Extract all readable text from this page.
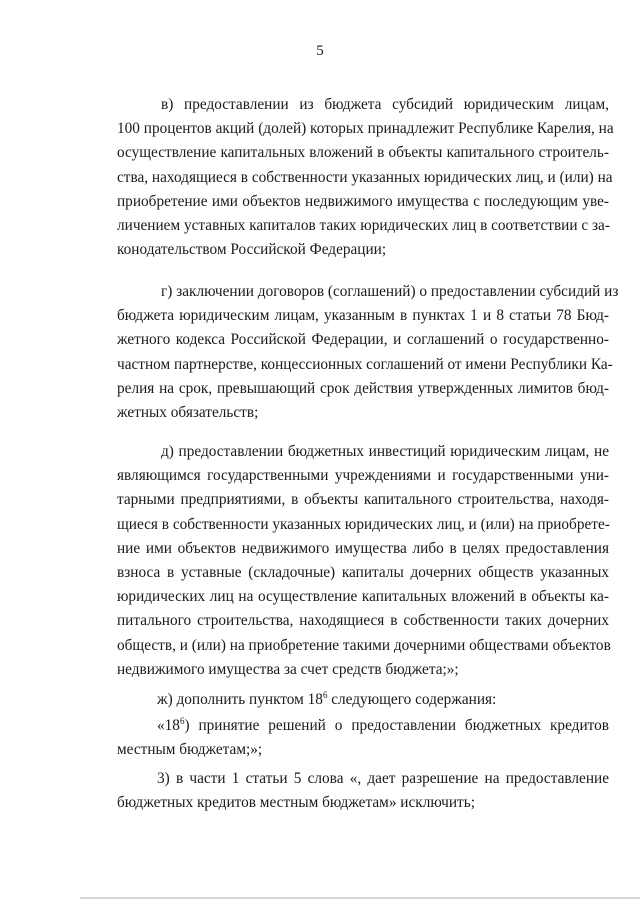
5
в) предоставлении из бюджета субсидий юридическим лицам,
100 процентов акций (долей) которых принадлежит Республике Карелия, на
осуществление капитальных вложений в объекты капитального строитель-
ства, находящиеся в собственности указанных юридических лиц, и (или) на
приобретение ими объектов недвижимого имущества с последующим уве-
личением уставных капиталов таких юридических лиц в соответствии с за-
конодательством Российской Федерации;
г) заключении договоров (соглашений) о предоставлении субсидий из
бюджета юридическим лицам, указанным в пунктах 1 и 8 статьи 78 Бюд-
жетного кодекса Российской Федерации, и соглашений о государственно-
частном партнерстве, концессионных соглашений от имени Республики Ка-
релия на срок, превышающий срок действия утвержденных лимитов бюд-
жетных обязательств;
д) предоставлении бюджетных инвестиций юридическим лицам, не
являющимся государственными учреждениями и государственными уни-
тарными предприятиями, в объекты капитального строительства, находя-
щиеся в собственности указанных юридических лиц, и (или) на приобрете-
ние ими объектов недвижимого имущества либо в целях предоставления
взноса в уставные (складочные) капиталы дочерних обществ указанных
юридических лиц на осуществление капитальных вложений в объекты ка-
питального строительства, находящиеся в собственности таких дочерних
обществ, и (или) на приобретение такими дочерними обществами объектов
недвижимого имущества за счет средств бюджета;»;
ж) дополнить пунктом $18^6$ следующего содержания:
«$18^6$) принятие решений о предоставлении бюджетных кредитов
местным бюджетам;»;
3) в части 1 статьи 5 слова «, дает разрешение на предоставление
бюджетных кредитов местным бюджетам» исключить;
